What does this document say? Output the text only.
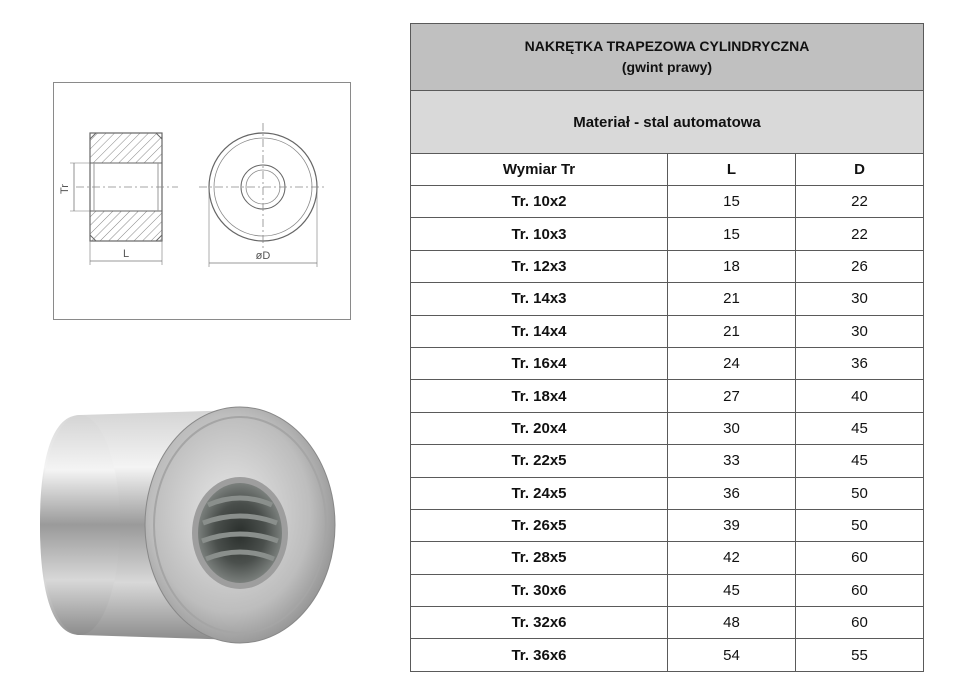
Tr
L	øD
NAKRĘTKA TRAPEZOWA CYLINDRYCZNA
(gwint prawy)		

Materiał - stal automatowa		
Wymiar Tr	L	D
Tr. 10x2	15	22
Tr. 10x3	15	22
Tr. 12x3	18	26
Tr. 14x3	21	30
Tr. 14x4	21	30
Tr. 16x4	24	36
Tr. 18x4	27	40
Tr. 20x4	30	45
Tr. 22x5	33	45
Tr. 24x5	36	50
Tr. 26x5	39	50
Tr. 28x5	42	60
Tr. 30x6	45	60
Tr. 32x6	48	60
Tr. 36x6	54	55
